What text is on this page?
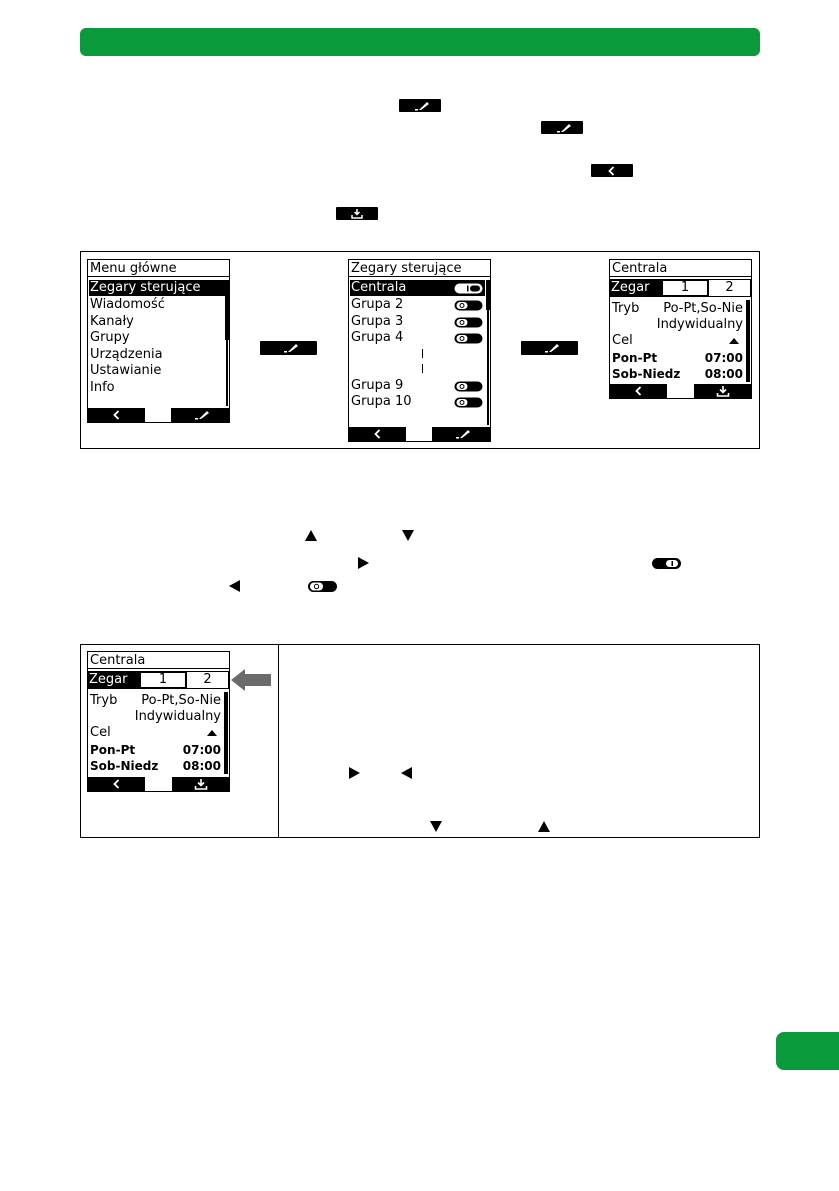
Menu główne
Zegary sterujące
Wiadomość
Kanały
Grupy
Urządzenia
Ustawianie
Info
Zegary sterujące
Centrala
Grupa 2
Grupa 3
Grupa 4
Grupa 9
Grupa 10
Centrala
Zegar	1	2
Tryb Po-Pt,So-Nie
Indywidualny
Cel
Pon-Pt	07:00
Sob-Niedz 08:00
Centrala
Zegar	1	2
Tryb Po-Pt,So-Nie
Indywidualny
Cel
Pon-Pt	07:00
Sob-Niedz 08:00
